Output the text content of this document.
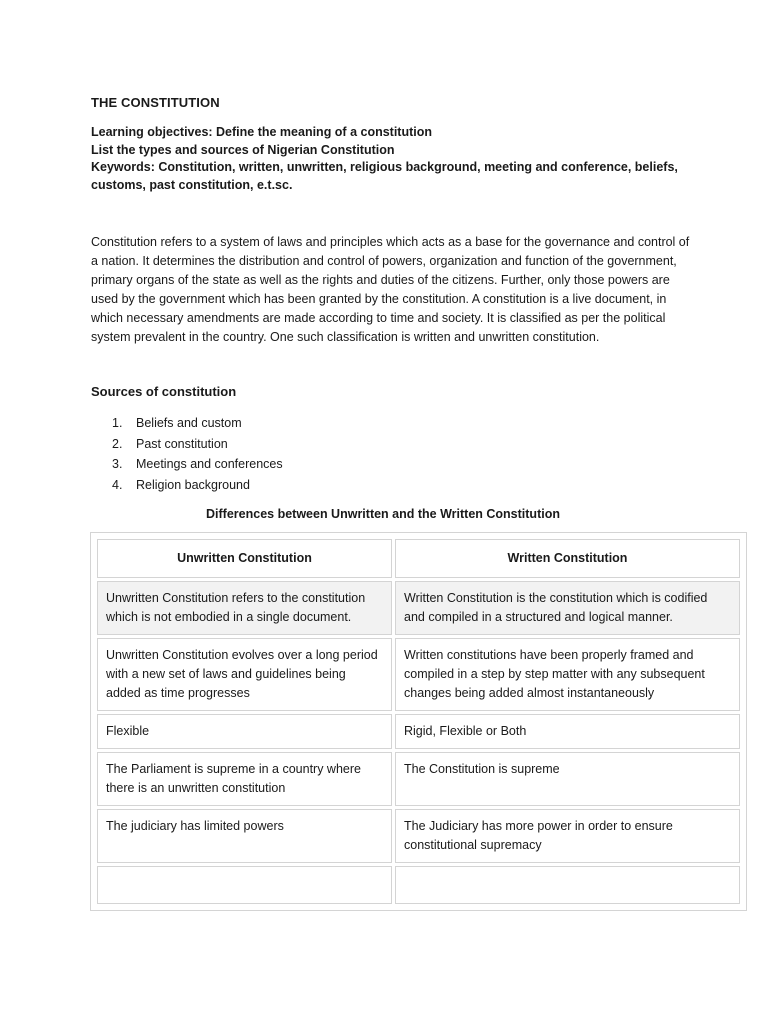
THE CONSTITUTION
Learning objectives: Define the meaning of a constitution
List the types and sources of Nigerian Constitution
Keywords: Constitution, written, unwritten, religious background, meeting and conference, beliefs, customs, past constitution, e.t.sc.

Constitution refers to a system of laws and principles which acts as a base for the governance and control of a nation. It determines the distribution and control of powers, organization and function of the government, primary organs of the state as well as the rights and duties of the citizens. Further, only those powers are used by the government which has been granted by the constitution. A constitution is a live document, in which necessary amendments are made according to time and society. It is classified as per the political system prevalent in the country. One such classification is written and unwritten constitution.

Sources of constitution
1.	Beliefs and custom
2.	Past constitution
3.	Meetings and conferences
4.	Religion background
Differences between Unwritten and the Written Constitution
Unwritten Constitution	Written Constitution
Unwritten Constitution refers to the constitution which is not embodied in a single document.	Written Constitution is the constitution which is codified and compiled in a structured and logical manner.
Unwritten Constitution evolves over a long period with a new set of laws and guidelines being added as time progresses	Written constitutions have been properly framed and compiled in a step by step matter with any subsequent changes being added almost instantaneously
Flexible	Rigid, Flexible or Both
The Parliament is supreme in a country where there is an unwritten constitution	The Constitution is supreme
The judiciary has limited powers	The Judiciary has more power in order to ensure constitutional supremacy
